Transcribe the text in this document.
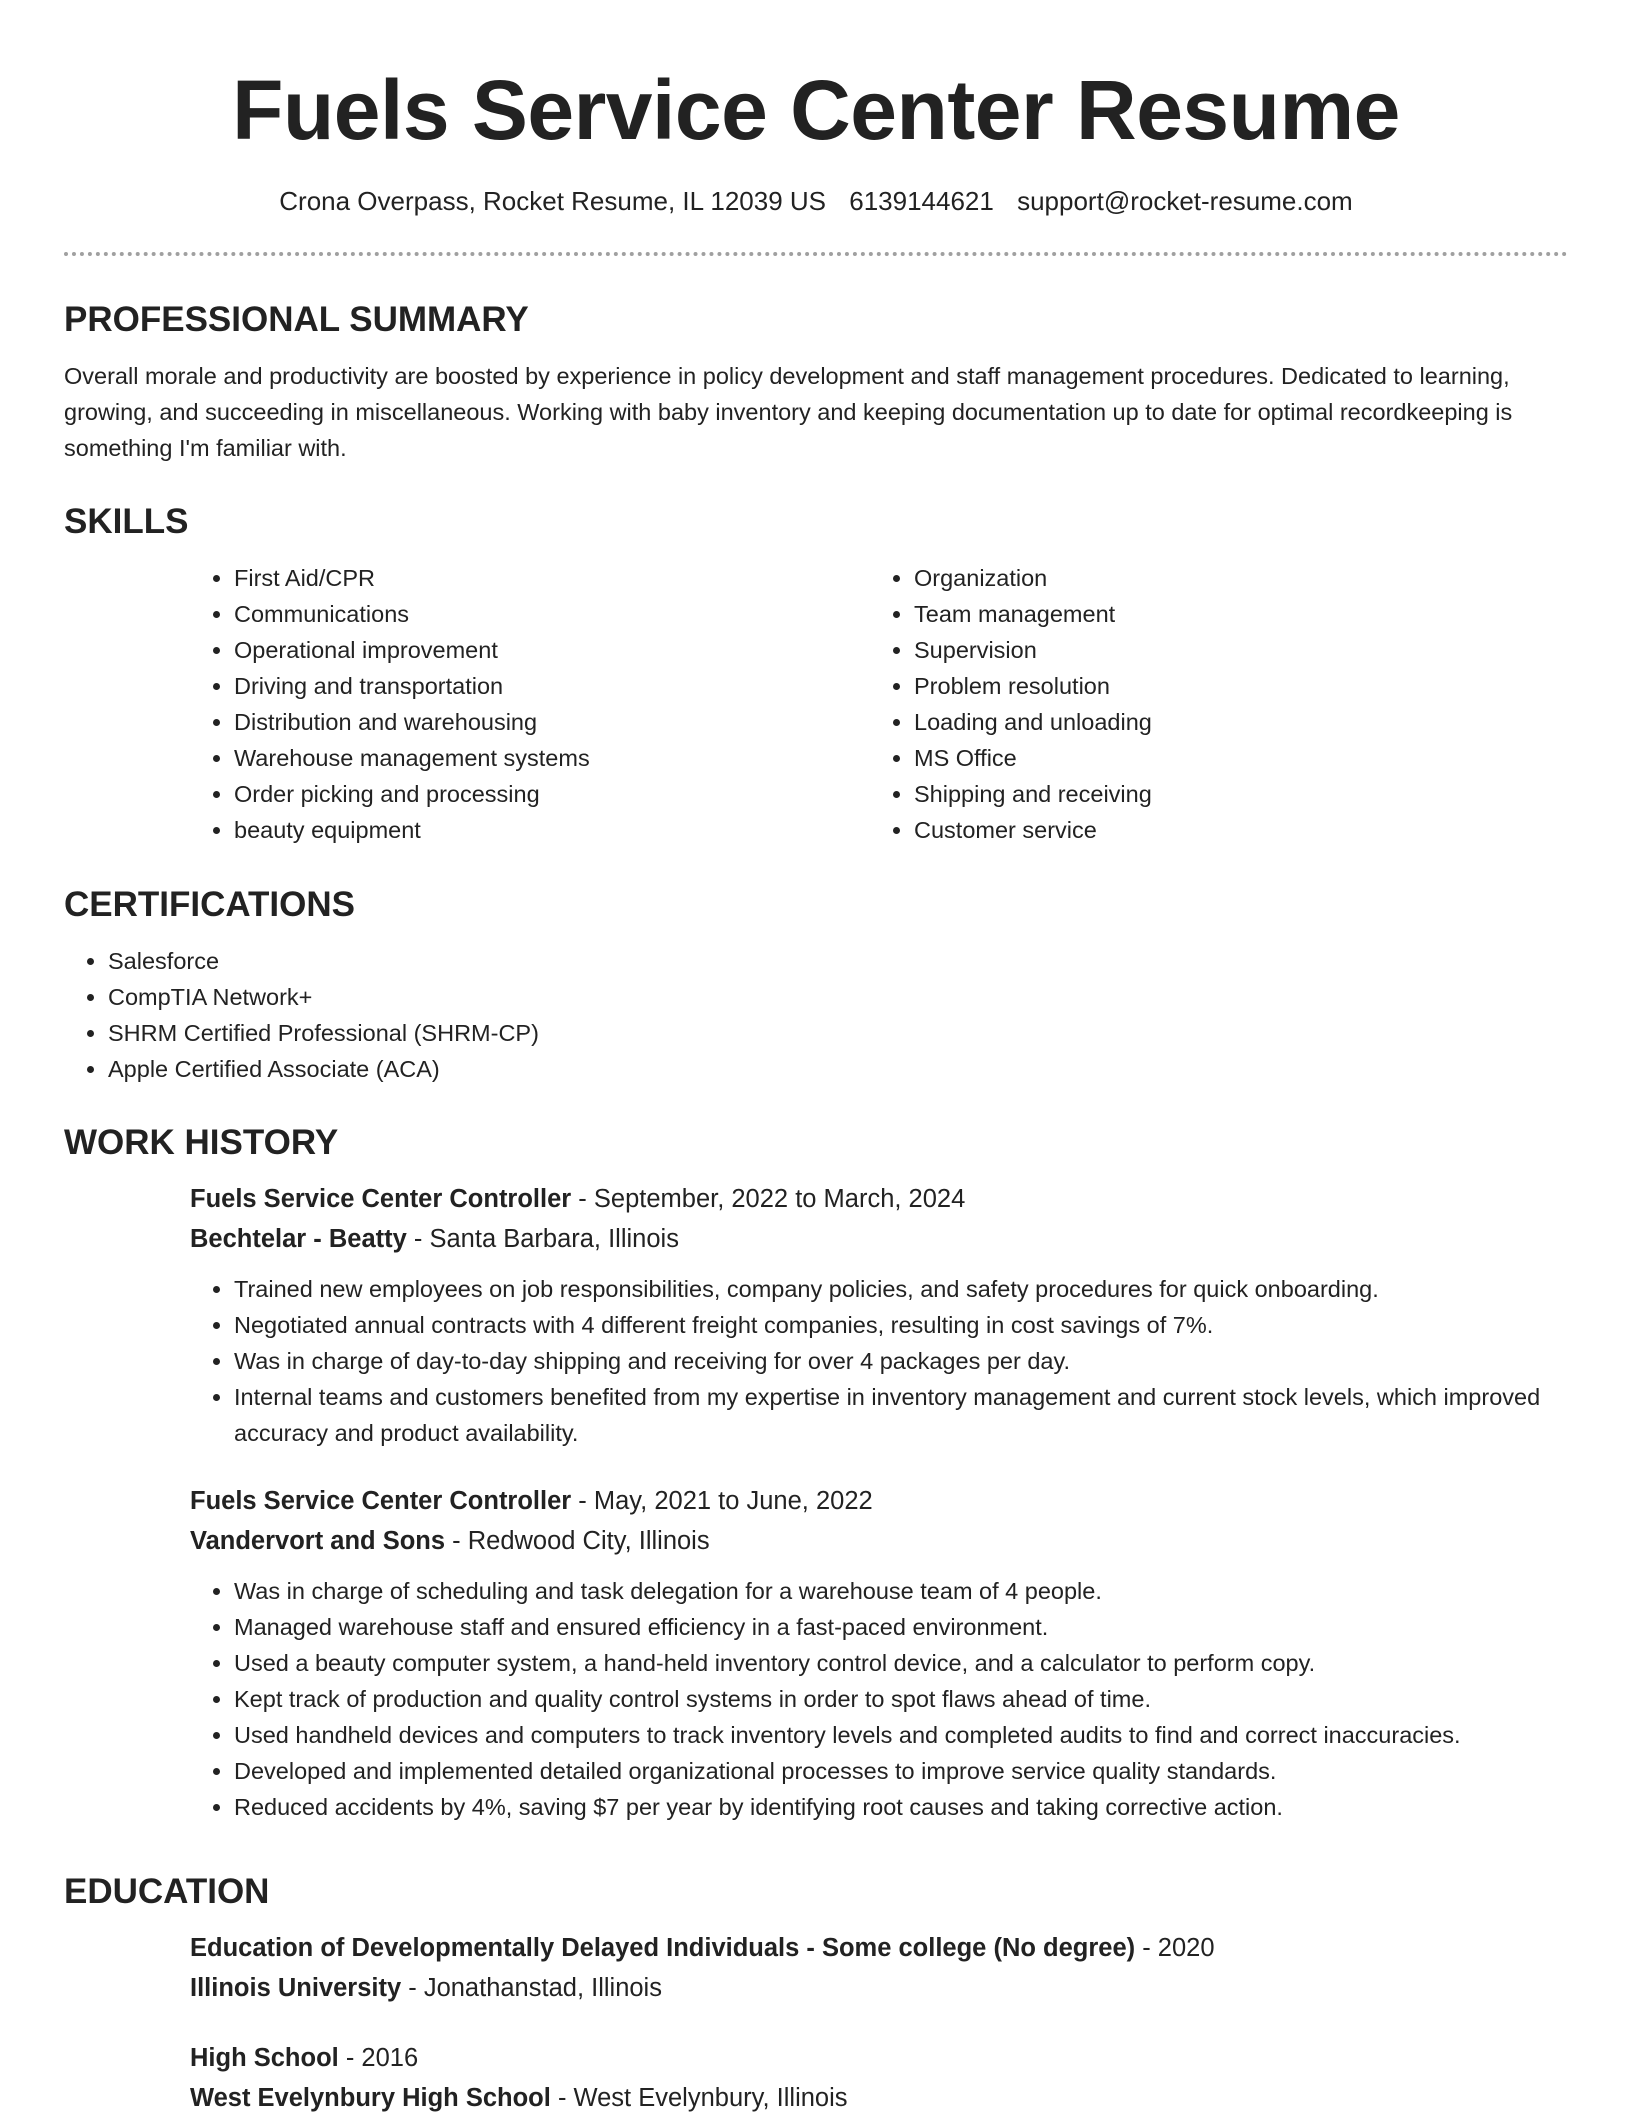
Fuels Service Center Resume
Crona Overpass, Rocket Resume, IL 12039 US 6139144621 support@rocket-resume.com
PROFESSIONAL SUMMARY

Overall morale and productivity are boosted by experience in policy development and staff management procedures. Dedicated to learning, growing, and succeeding in miscellaneous. Working with baby inventory and keeping documentation up to date for optimal recordkeeping is something I'm familiar with.

SKILLS
• First Aid/CPR
• Communications
• Operational improvement
• Driving and transportation
• Distribution and warehousing
• Warehouse management systems
• Order picking and processing
• beauty equipment
• Organization
• Team management
• Supervision
• Problem resolution
• Loading and unloading
• MS Office
• Shipping and receiving
• Customer service
CERTIFICATIONS
• Salesforce
• CompTIA Network+
• SHRM Certified Professional (SHRM-CP)
• Apple Certified Associate (ACA)
WORK HISTORY

Fuels Service Center Controller - September, 2022 to March, 2024

Bechtelar - Beatty - Santa Barbara, Illinois

• Trained new employees on job responsibilities, company policies, and safety procedures for quick onboarding.
• Negotiated annual contracts with 4 different freight companies, resulting in cost savings of 7%.
• Was in charge of day-to-day shipping and receiving for over 4 packages per day.
• Internal teams and customers benefited from my expertise in inventory management and current stock levels, which improved accuracy and product availability.

Fuels Service Center Controller - May, 2021 to June, 2022

Vandervort and Sons - Redwood City, Illinois

• Was in charge of scheduling and task delegation for a warehouse team of 4 people.
• Managed warehouse staff and ensured efficiency in a fast-paced environment.
• Used a beauty computer system, a hand-held inventory control device, and a calculator to perform copy.
• Kept track of production and quality control systems in order to spot flaws ahead of time.
• Used handheld devices and computers to track inventory levels and completed audits to find and correct inaccuracies.
• Developed and implemented detailed organizational processes to improve service quality standards.
• Reduced accidents by 4%, saving $7 per year by identifying root causes and taking corrective action.
EDUCATION

Education of Developmentally Delayed Individuals - Some college (No degree) - 2020

Illinois University - Jonathanstad, Illinois

High School - 2016

West Evelynbury High School - West Evelynbury, Illinois
